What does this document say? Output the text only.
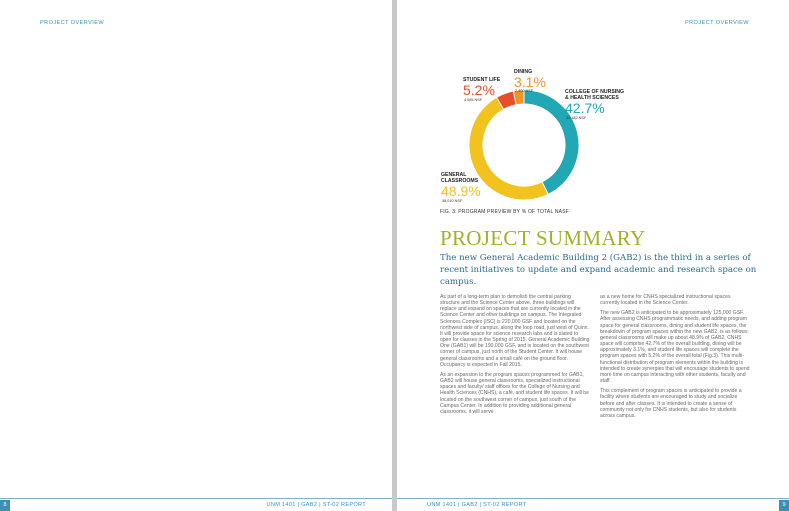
PROJECT OVERVIEW
8	UNM 1401 | GAB2 | ST-02 REPORT
PROJECT OVERVIEW
DINING
3.1%
2,400 NSF
STUDENT LIFE
5.2%
4,055 NSF
COLLEGE OF NURSING
& HEALTH SCIENCES
42.7%
33,182 NSF
GENERAL
CLASSROOMS
48.9%
38,010 NSF
FIG. 3: PROGRAM PREVIEW BY % OF TOTAL NASF
PROJECT SUMMARY
The new General Academic Building 2 (GAB2) is the third in a series of recent initiatives to update and expand academic and research space on campus.

As part of a long-term plan to demolish the central parking structure and the Science Center above, three buildings will replace and expand on spaces that are currently located in the Science Center and other buildings on campus. The Integrated Sciences Complex (ISC) is 220,000 GSF and located on the northwest side of campus, along the loop road, just west of Quinn. It will provide space for science research labs and is slated to open for classes in the Spring of 2015. General Academic Building One (GAB1) will be 190,000 GSF, and is located on the southwest corner of campus, just north of the Student Center. It will house general classrooms and a small café on the ground floor. Occupancy is expected in Fall 2015.

As an expansion to the program spaces programmed for GAB1, GAB2 will house general classrooms, specialized instructional spaces and faculty/ staff offices for the College of Nursing and Health Sciences (CNHS), a café, and student life spaces. It will be located on the southwest corner of campus, just south of the Campus Center. In addition to providing additional general classrooms, it will serve

as a new home for CNHS specialized instructional spaces currently located in the Science Center.

The new GAB2 is anticipated to be approximately 125,000 GSF. After assessing CNHS programmatic needs, and adding program space for general classrooms, dining and student life spaces, the breakdown of program spaces within the new GAB2, is as follows: general classrooms will make up about 48.9% of GAB2, CNHS space will comprise 42.7% of the overall building, dining will be approximately 3.1%, and student life spaces will complete the program spaces with 5.2% of the overall total (Fig.3). This multi-functional distribution of program elements within the building is intended to create synergies that will encourage students to spend more time on campus interacting with other students, faculty and staff.

This complement of program spaces is anticipated to provide a facility where students are encouraged to study and socialize before and after classes. It is intended to create a sense of community not only for CNHS students, but also for students across campus.

UNM 1401 | GAB2 | ST-02 REPORT	9
